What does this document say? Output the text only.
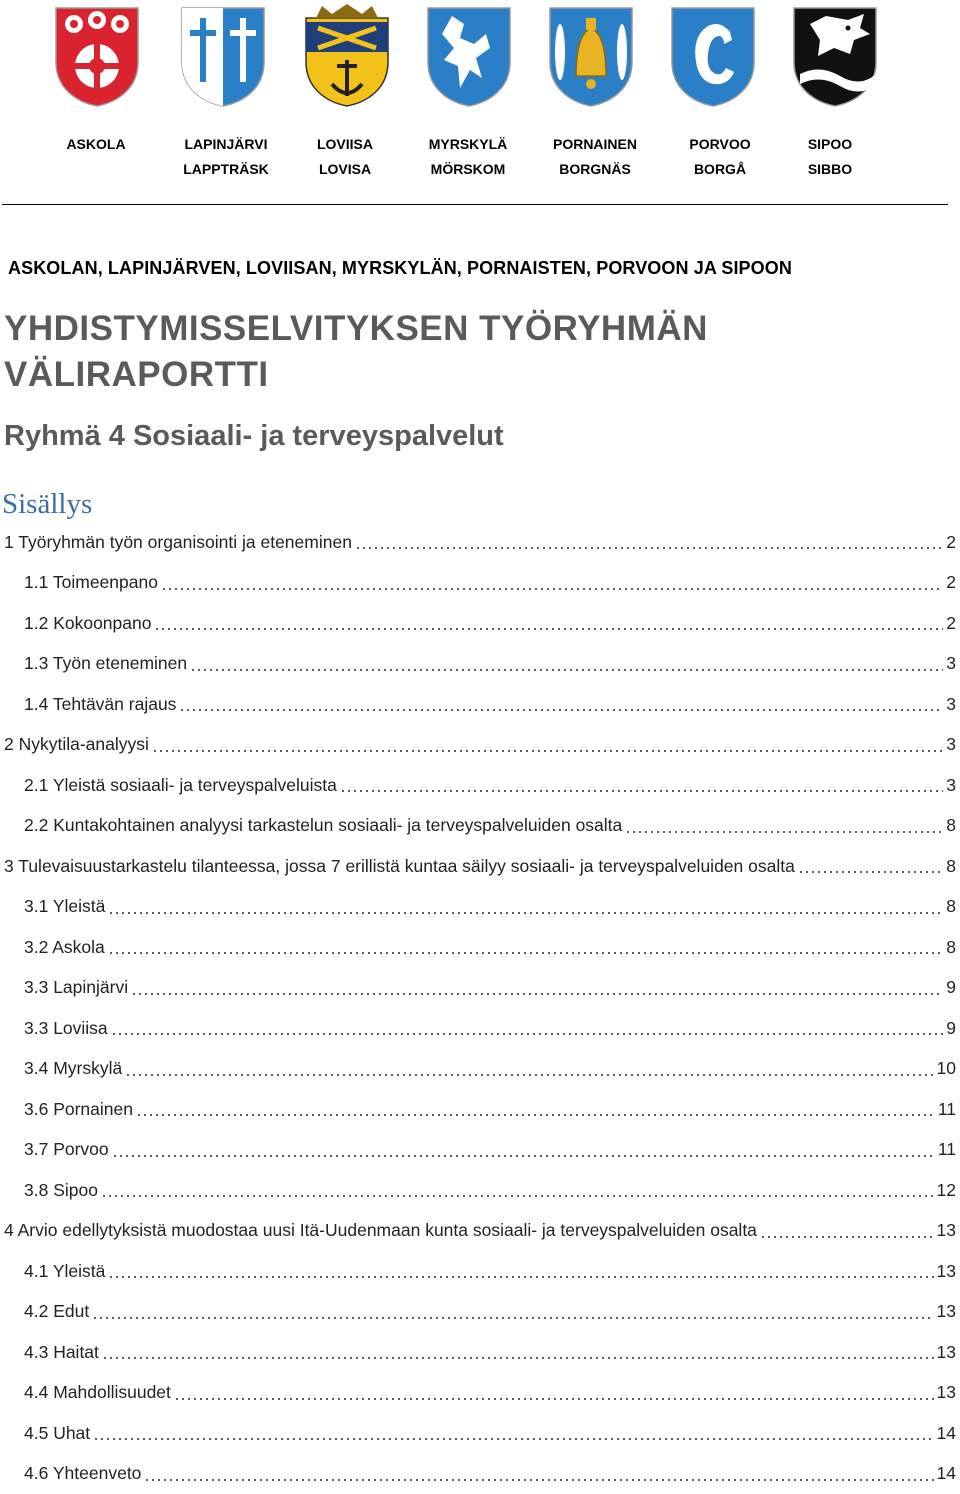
ASKOLA	LAPINJÄRVI
LAPPTRÄSK
LOVIISA
LOVISA
MYRSKYLÄ
MÖRSKOM
PORNAINEN
BORGNÄS
PORVOO
BORGÅ
SIPOO
SIBBO
ASKOLAN, LAPINJÄRVEN, LOVIISAN, MYRSKYLÄN, PORNAISTEN, PORVOON JA SIPOON
YHDISTYMISSELVITYKSEN TYÖRYHMÄN
VÄLIRAPORTTI
Ryhmä 4 Sosiaali- ja terveyspalvelut
Sisällys
1 Työryhmän työn organisointi ja eteneminen	2
1.1 Toimeenpano	2
1.2 Kokoonpano	2
1.3 Työn eteneminen	3
1.4 Tehtävän rajaus	3
2 Nykytila-analyysi	3
2.1 Yleistä sosiaali- ja terveyspalveluista	3
2.2 Kuntakohtainen analyysi tarkastelun sosiaali- ja terveyspalveluiden osalta	8
3 Tulevaisuustarkastelu tilanteessa, jossa 7 erillistä kuntaa säilyy sosiaali- ja terveyspalveluiden osalta	8
3.1 Yleistä	8
3.2 Askola	8
3.3 Lapinjärvi	9
3.3 Loviisa	9
3.4 Myrskylä	10
3.6 Pornainen	11
3.7 Porvoo	11
3.8 Sipoo	12
4 Arvio edellytyksistä muodostaa uusi Itä-Uudenmaan kunta sosiaali- ja terveyspalveluiden osalta	13
4.1 Yleistä	13
4.2 Edut	13
4.3 Haitat	13
4.4 Mahdollisuudet	13
4.5 Uhat	14
4.6 Yhteenveto	14
